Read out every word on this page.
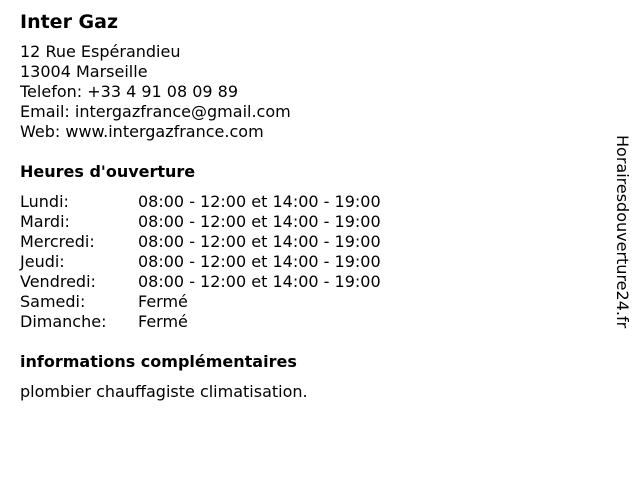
Inter Gaz
12 Rue Espérandieu
13004 Marseille
Telefon: +33 4 91 08 09 89
Email: intergazfrance@gmail.com
Web: www.intergazfrance.com
Heures d'ouverture
Lundi:	08:00 - 12:00 et 14:00 - 19:00
Mardi:	08:00 - 12:00 et 14:00 - 19:00
Mercredi:	08:00 - 12:00 et 14:00 - 19:00
Jeudi:	08:00 - 12:00 et 14:00 - 19:00
Vendredi:	08:00 - 12:00 et 14:00 - 19:00
Samedi:	Fermé
Dimanche:	Fermé
informations complémentaires
plombier chauffagiste climatisation.
Horairesdouverture24.fr
